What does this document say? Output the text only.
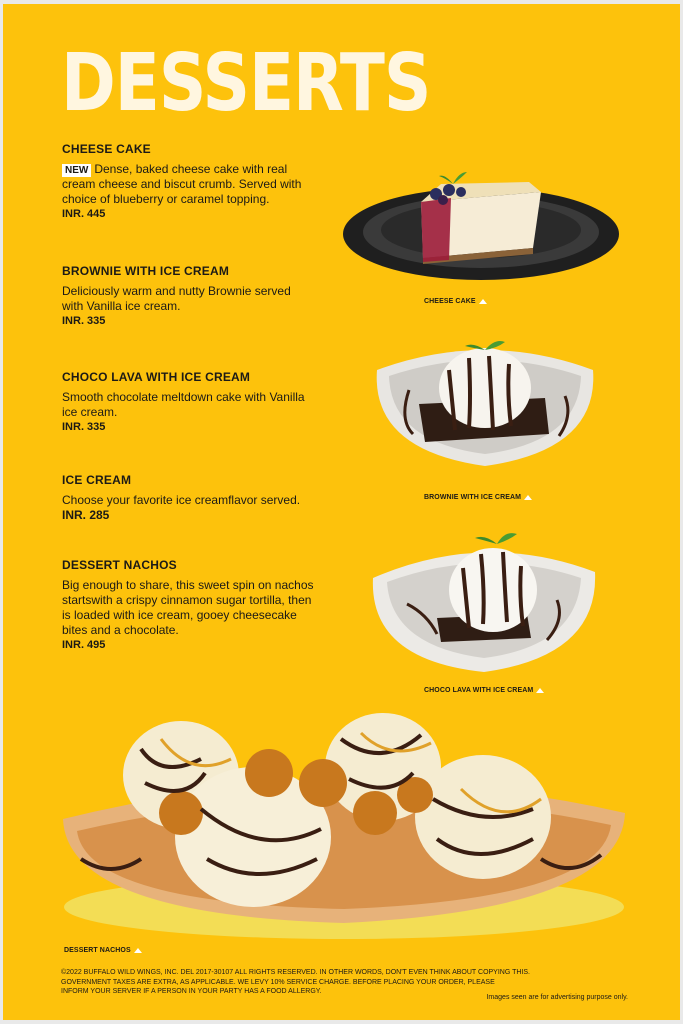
DESSERTS

CHEESE CAKE

NEW Dense, baked cheese cake with real cream cheese and biscut crumb. Served with choice of blueberry or caramel topping.

INR. 445

BROWNIE WITH ICE CREAM

Deliciously warm and nutty Brownie served with Vanilla ice cream.

INR. 335

CHOCO LAVA WITH ICE CREAM

Smooth chocolate meltdown cake with Vanilla ice cream.

INR. 335

ICE CREAM

Choose your favorite ice creamflavor served. INR. 285

DESSERT NACHOS

Big enough to share, this sweet spin on nachos startswith a crispy cinnamon sugar tortilla, then is loaded with ice cream, gooey cheesecake bites and a chocolate.

INR. 495
CHEESE CAKE
BROWNIE WITH ICE CREAM
CHOCO LAVA WITH ICE CREAM
DESSERT NACHOS
©2022 BUFFALO WILD WINGS, INC. DEL 2017-30107 ALL RIGHTS RESERVED. IN OTHER WORDS, DON'T EVEN THINK ABOUT COPYING THIS.
GOVERNMENT TAXES ARE EXTRA, AS APPLICABLE. WE LEVY 10% SERVICE CHARGE. BEFORE PLACING YOUR ORDER, PLEASE
INFORM YOUR SERVER IF A PERSON IN YOUR PARTY HAS A FOOD ALLERGY.
Images seen are for advertising purpose only.
